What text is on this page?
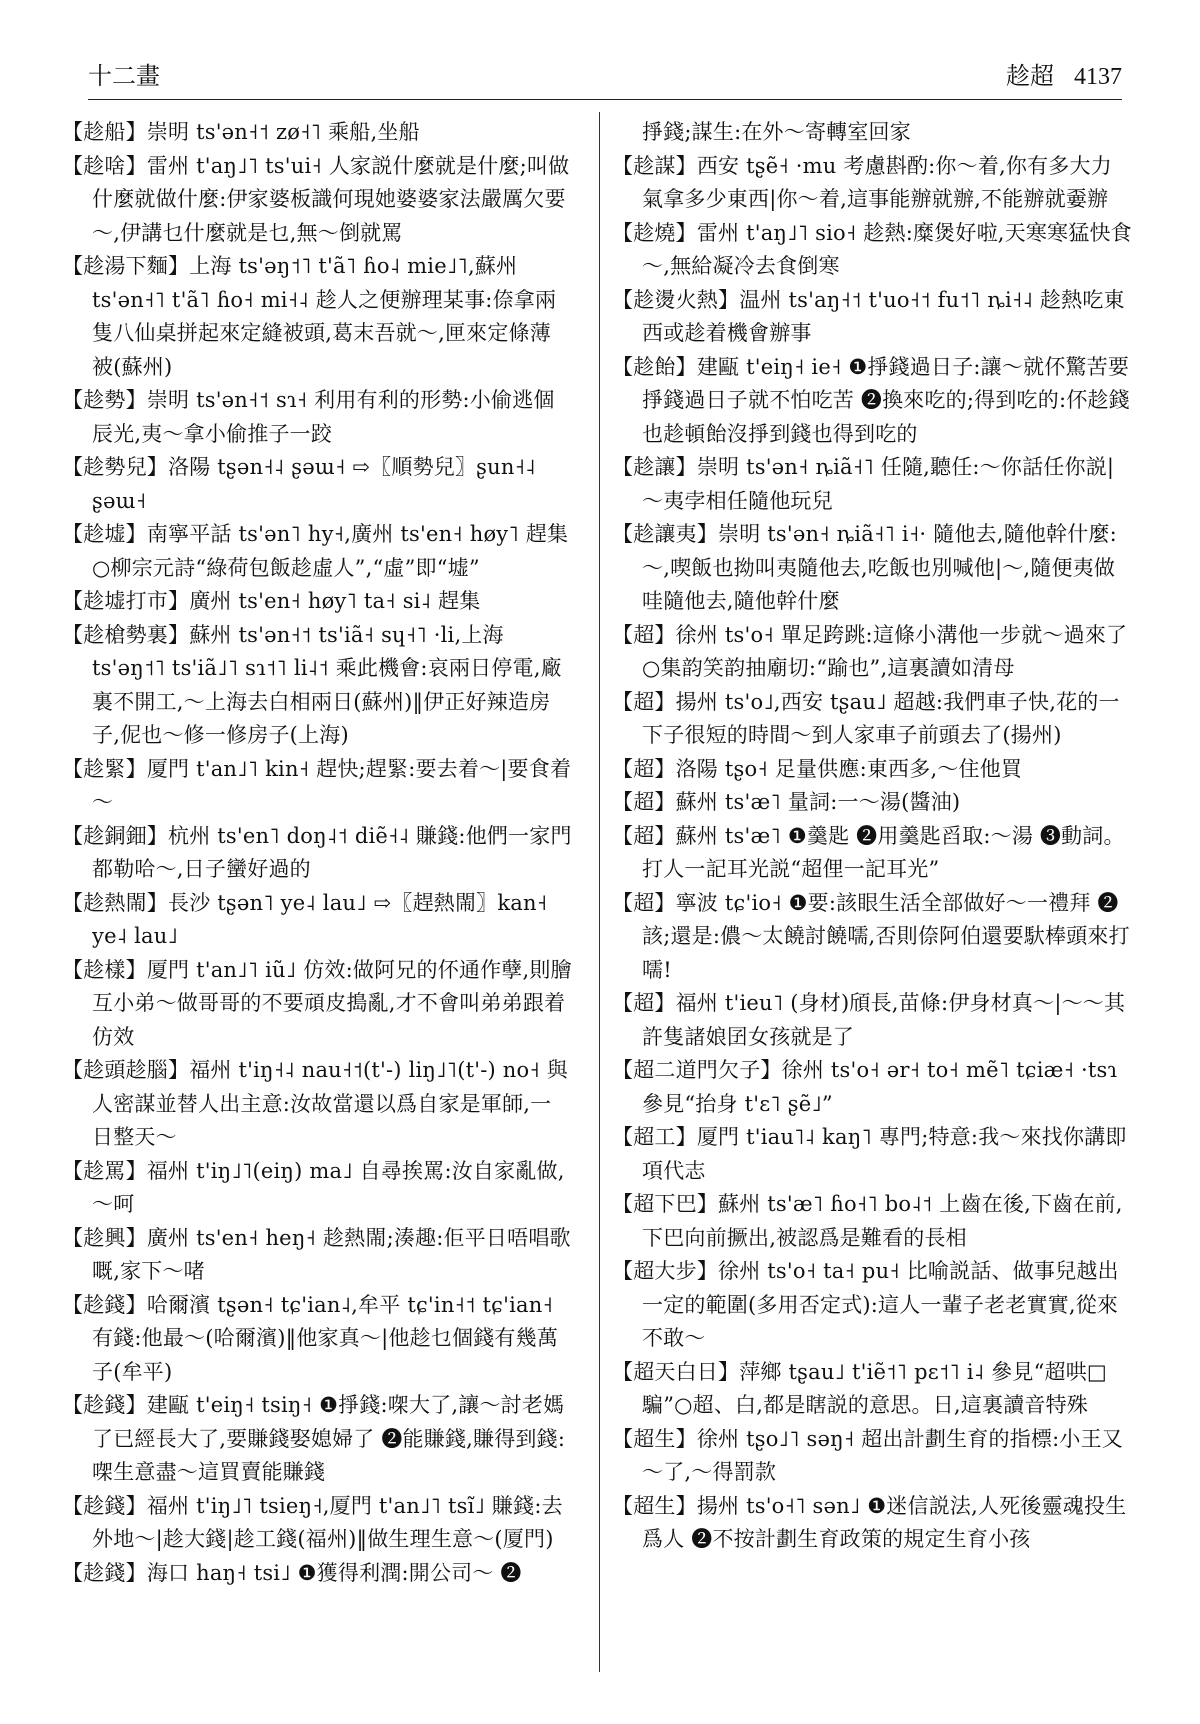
十二畫	趁超 4137
【趁船】崇明 ts'ən˧˦ zø˧˥ 乘船,坐船
【趁啥】雷州 t'aŋ˩˥ ts'ui˧ 人家説什麼就是什麼;叫做什麼就做什麼:伊家婆板識何現她婆婆家法嚴厲欠要～,伊講乜什麼就是乜,無～倒就罵
【趁湯下麵】上海 ts'əŋ˦˥ t'ã˥ ɦo˨ mie˩˥,蘇州 ts'ən˧˥ t'ã˥ ɦo˧ mi˧˨ 趁人之便辦理某事:倷拿兩隻八仙桌拼起來定縫被頭,葛末吾就～,匣來定條薄被(蘇州)
【趁勢】崇明 ts'ən˧˦ sɿ˧ 利用有利的形勢:小偷逃個辰光,夷～拿小偷推子一跤
【趁勢兒】洛陽 tʂən˧˨ ʂəɯ˧ ⇨〖順勢兒〗ʂun˧˨ ʂəɯ˧
【趁墟】南寧平話 ts'ən˥ hy˧,廣州 ts'en˧ høy˥ 趕集 ○柳宗元詩“綠荷包飯趁虛人”,“虛”即“墟”
【趁墟打市】廣州 ts'en˧ høy˥ ta˧ si˨ 趕集
【趁槍勢裏】蘇州 ts'ən˧˦ ts'iã˧ sɥ˧˥ ·li,上海 ts'əŋ˦˥ ts'iã˩˥ sɿ˦˥ li˨˦ 乘此機會:哀兩日停電,廠裏不開工,～上海去白相兩日(蘇州)‖伊正好辣造房子,伲也～修一修房子(上海)
【趁緊】厦門 t'an˩˥ kin˧ 趕快;趕緊:要去着～|要食着～
【趁銅鈿】杭州 ts'en˥ doŋ˨˦ diẽ˧˨ 賺錢:他們一家門都勒哈～,日子蠻好過的
【趁熱閙】長沙 tʂən˥ ye˨ lau˩ ⇨〖趕熱閙〗kan˧ ye˨ lau˩
【趁樣】厦門 t'an˩˥ iũ˩ 仿效:做阿兄的伓通作孽,則膾互小弟～做哥哥的不要頑皮搗亂,才不會叫弟弟跟着仿效
【趁頭趁腦】福州 t'iŋ˧˨ nau˧˦(t'-) liŋ˩˥(t'-) no˧ 與人密謀並替人出主意:汝故當還以爲自家是軍師,一日整天～
【趁罵】福州 t'iŋ˩˥(eiŋ) ma˩ 自尋挨罵:汝自家亂做,～呵
【趁興】廣州 ts'en˧ heŋ˧ 趁熱閙;湊趣:佢平日唔唱歌嘅,家下～啫
【趁錢】哈爾濱 tʂən˧ tɕ'ian˨,牟平 tɕ'in˧˦ tɕ'ian˧ 有錢:他最～(哈爾濱)‖他家真～|他趁乜個錢有幾萬子(牟平)
【趁錢】建甌 t'eiŋ˧ tsiŋ˧ ❶掙錢:㗎大了,讓～討老媽了已經長大了,要賺錢娶媳婦了 ❷能賺錢,賺得到錢:㗎生意盡～這買賣能賺錢
【趁錢】福州 t'iŋ˩˥ tsieŋ˧,厦門 t'an˩˥ tsĩ˩ 賺錢:去外地～|趁大錢|趁工錢(福州)‖做生理生意～(厦門)
【趁錢】海口 haŋ˧ tsi˩ ❶獲得利潤:開公司～ ❷
掙錢;謀生:在外～寄轉室回家
【趁謀】西安 tʂẽ˧ ·mu 考慮斟酌:你～着,你有多大力氣拿多少東西|你～着,這事能辦就辦,不能辦就嫑辦
【趁燒】雷州 t'aŋ˩˥ sio˧ 趁熱:糜煲好啦,天寒寒猛快食～,無給凝冷去食倒寒
【趁燙火熱】温州 ts'aŋ˧˦ t'uo˧˦ fu˦˥ ȵi˧˨ 趁熱吃東西或趁着機會辦事
【趁飴】建甌 t'eiŋ˧ ie˧ ❶掙錢過日子:讓～就伓驚苦要掙錢過日子就不怕吃苦 ❷換來吃的;得到吃的:伓趁錢也趁頓飴沒掙到錢也得到吃的
【趁讓】崇明 ts'ən˧ ȵiã˧˥ 任隨,聽任:～你話任你説|～夷孛相任隨他玩兒
【趁讓夷】崇明 ts'ən˧ ȵiã˧˥ i˧· 隨他去,隨他幹什麼:～,喫飯也拗叫夷隨他去,吃飯也別喊他|～,隨便夷做哇隨他去,隨他幹什麼
【超】徐州 ts'o˧ 單足跨跳:這條小溝他一步就～過來了 ○集韵笑韵抽廟切:“踰也”,這裏讀如清母
【超】揚州 ts'o˩,西安 tʂau˩ 超越:我們車子快,花的一下子很短的時間～到人家車子前頭去了(揚州)
【超】洛陽 tʂo˧ 足量供應:東西多,～住他買
【超】蘇州 ts'æ˥ 量詞:一～湯(醬油)
【超】蘇州 ts'æ˥ ❶羹匙 ❷用羹匙舀取:～湯 ❸動詞。打人一記耳光説“超俚一記耳光”
【超】寧波 tɕ'io˧ ❶要:該眼生活全部做好～一禮拜 ❷該;還是:儂～太饒討饒嚅,否則倷阿伯還要馱棒頭來打嚅!
【超】福州 t'ieu˥ (身材)頎長,苗條:伊身材真～|～～其許隻諸娘囝女孩就是了
【超二道門欠子】徐州 ts'o˧ ər˧ to˧ mẽ˥ tɕiæ˧ ·tsɿ 參見“抬身 t'ɛ˥ ʂẽ˩”
【超工】厦門 t'iau˥˨ kaŋ˥ 專門;特意:我～來找你講即項代志
【超下巴】蘇州 ts'æ˥ ɦo˧˥ bo˨˦ 上齒在後,下齒在前,下巴向前撅出,被認爲是難看的長相
【超大步】徐州 ts'o˧ ta˧ pu˧ 比喻説話、做事兒越出一定的範圍(多用否定式):這人一輩子老老實實,從來不敢～
【超天白日】萍鄉 tʂau˩ t'iẽ˦˥ pɛ˦˥ i˨ 參見“超哄□騙”○超、白,都是瞎説的意思。日,這裏讀音特殊
【超生】徐州 tʂo˩˥ səŋ˧ 超出計劃生育的指標:小王又～了,～得罰款
【超生】揚州 ts'o˧˥ sən˩ ❶迷信説法,人死後靈魂投生爲人 ❷不按計劃生育政策的規定生育小孩
